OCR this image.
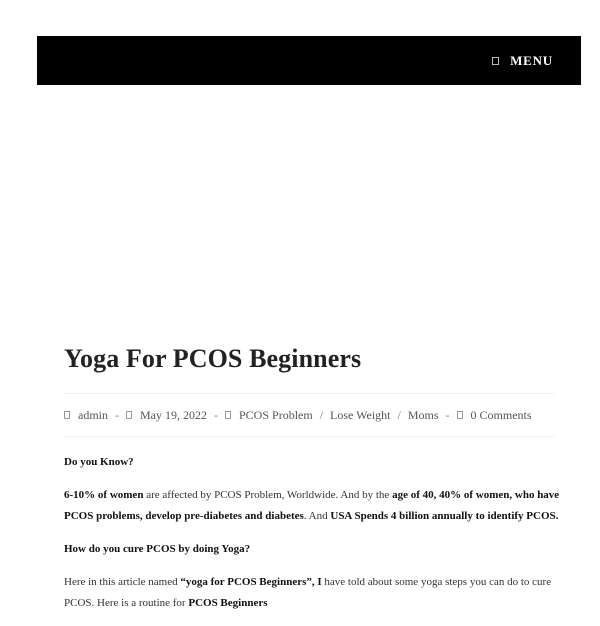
MENU
Yoga For PCOS Beginners
admin - May 19, 2022 - PCOS Problem / Lose Weight / Moms - 0 Comments

Do you Know?

6-10% of women are affected by PCOS Problem, Worldwide. And by the age of 40, 40% of women, who have PCOS problems, develop pre-diabetes and diabetes. And USA Spends 4 billion annually to identify PCOS.

How do you cure PCOS by doing Yoga?

Here in this article named “yoga for PCOS Beginners”, I have told about some yoga steps you can do to cure PCOS. Here is a routine for PCOS Beginners
